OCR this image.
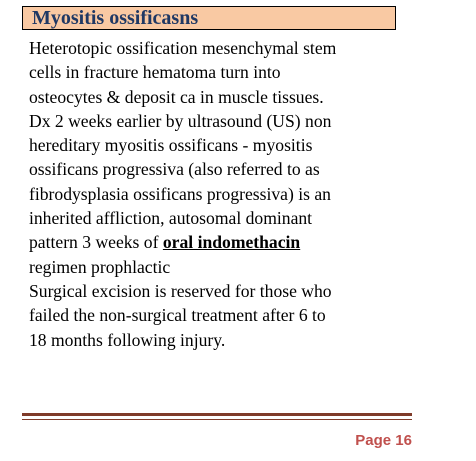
Myositis ossificasns
Heterotopic ossification mesenchymal stem
cells in fracture hematoma turn into
osteocytes & deposit ca in muscle tissues.
Dx 2 weeks earlier by ultrasound (US) non
hereditary myositis ossificans - myositis
ossificans progressiva (also referred to as
fibrodysplasia ossificans progressiva) is an
inherited affliction, autosomal dominant
pattern 3 weeks of oral indomethacin
regimen prophlactic
Surgical excision is reserved for those who
failed the non-surgical treatment after 6 to
18 months following injury.
Page 16
